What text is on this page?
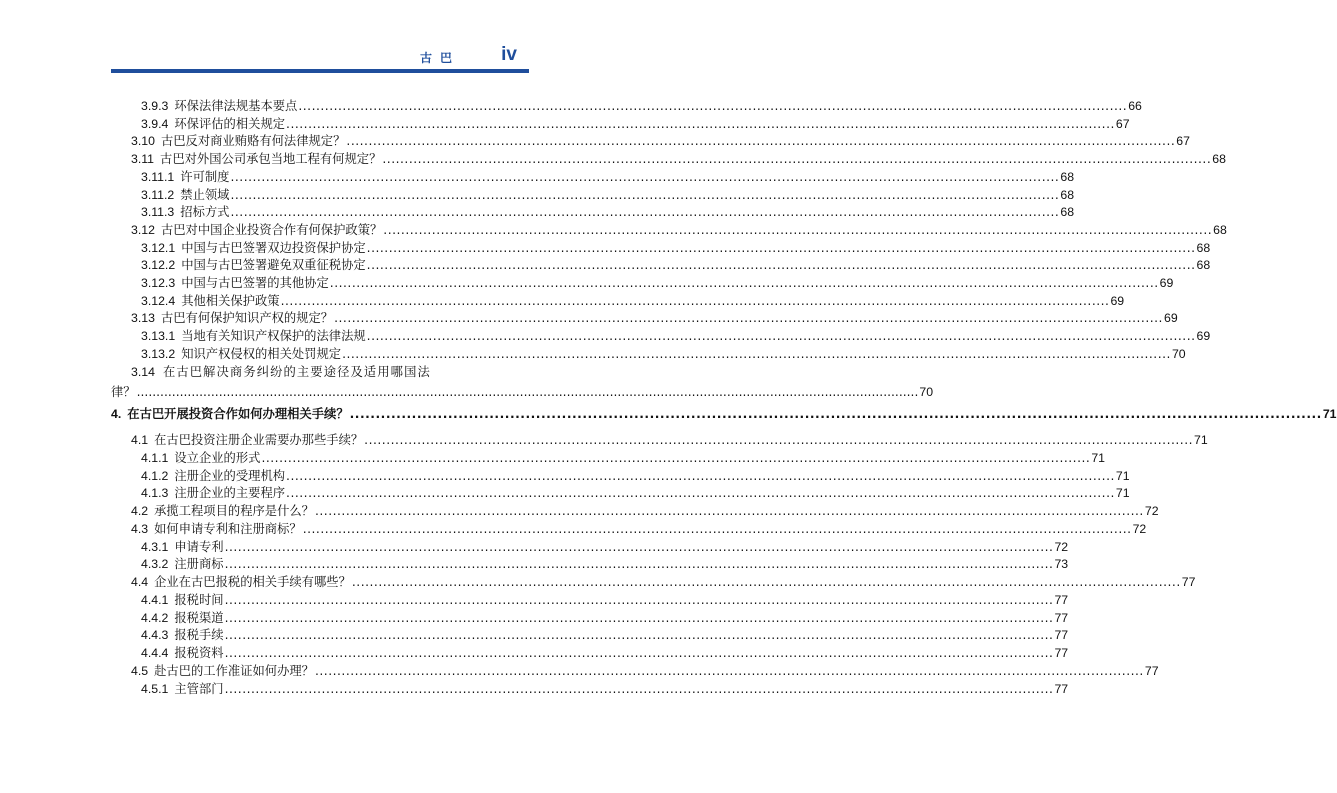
古巴	iv
3.9.3 环保法律法规基本要点 .....	66
3.9.4 环保评估的相关规定 .....	67
3.10 古巴反对商业贿赂有何法律规定？ .....	67
3.11 古巴对外国公司承包当地工程有何规定？ .....	68
3.11.1 许可制度 .....	68
3.11.2 禁止领域 .....	68
3.11.3 招标方式 .....	68
3.12 古巴对中国企业投资合作有何保护政策？ .....	68
3.12.1 中国与古巴签署双边投资保护协定 .....	68
3.12.2 中国与古巴签署避免双重征税协定 .....	68
3.12.3 中国与古巴签署的其他协定 .....	69
3.12.4 其他相关保护政策 .....	69
3.13 古巴有何保护知识产权的规定？ .....	69
3.13.1 当地有关知识产权保护的法律法规 .....	69
3.13.2 知识产权侵权的相关处罚规定 .....	70
3.14 在古巴解决商务纠纷的主要途径及适用哪国法
律？ ........................................................................................................................................................................................................ 70
4. 在古巴开展投资合作如何办理相关手续？ .....	71
4.1 在古巴投资注册企业需要办那些手续？ .....	71
4.1.1 设立企业的形式 .....	71
4.1.2 注册企业的受理机构 .....	71
4.1.3 注册企业的主要程序 .....	71
4.2 承揽工程项目的程序是什么？ .....	72
4.3 如何申请专利和注册商标？ .....	72
4.3.1 申请专利 .....	72
4.3.2 注册商标 .....	73
4.4 企业在古巴报税的相关手续有哪些？ .....	77
4.4.1 报税时间 .....	77
4.4.2 报税渠道 .....	77
4.4.3 报税手续 .....	77
4.4.4 报税资料 .....	77
4.5 赴古巴的工作准证如何办理？ .....	77
4.5.1 主管部门 .....	77
